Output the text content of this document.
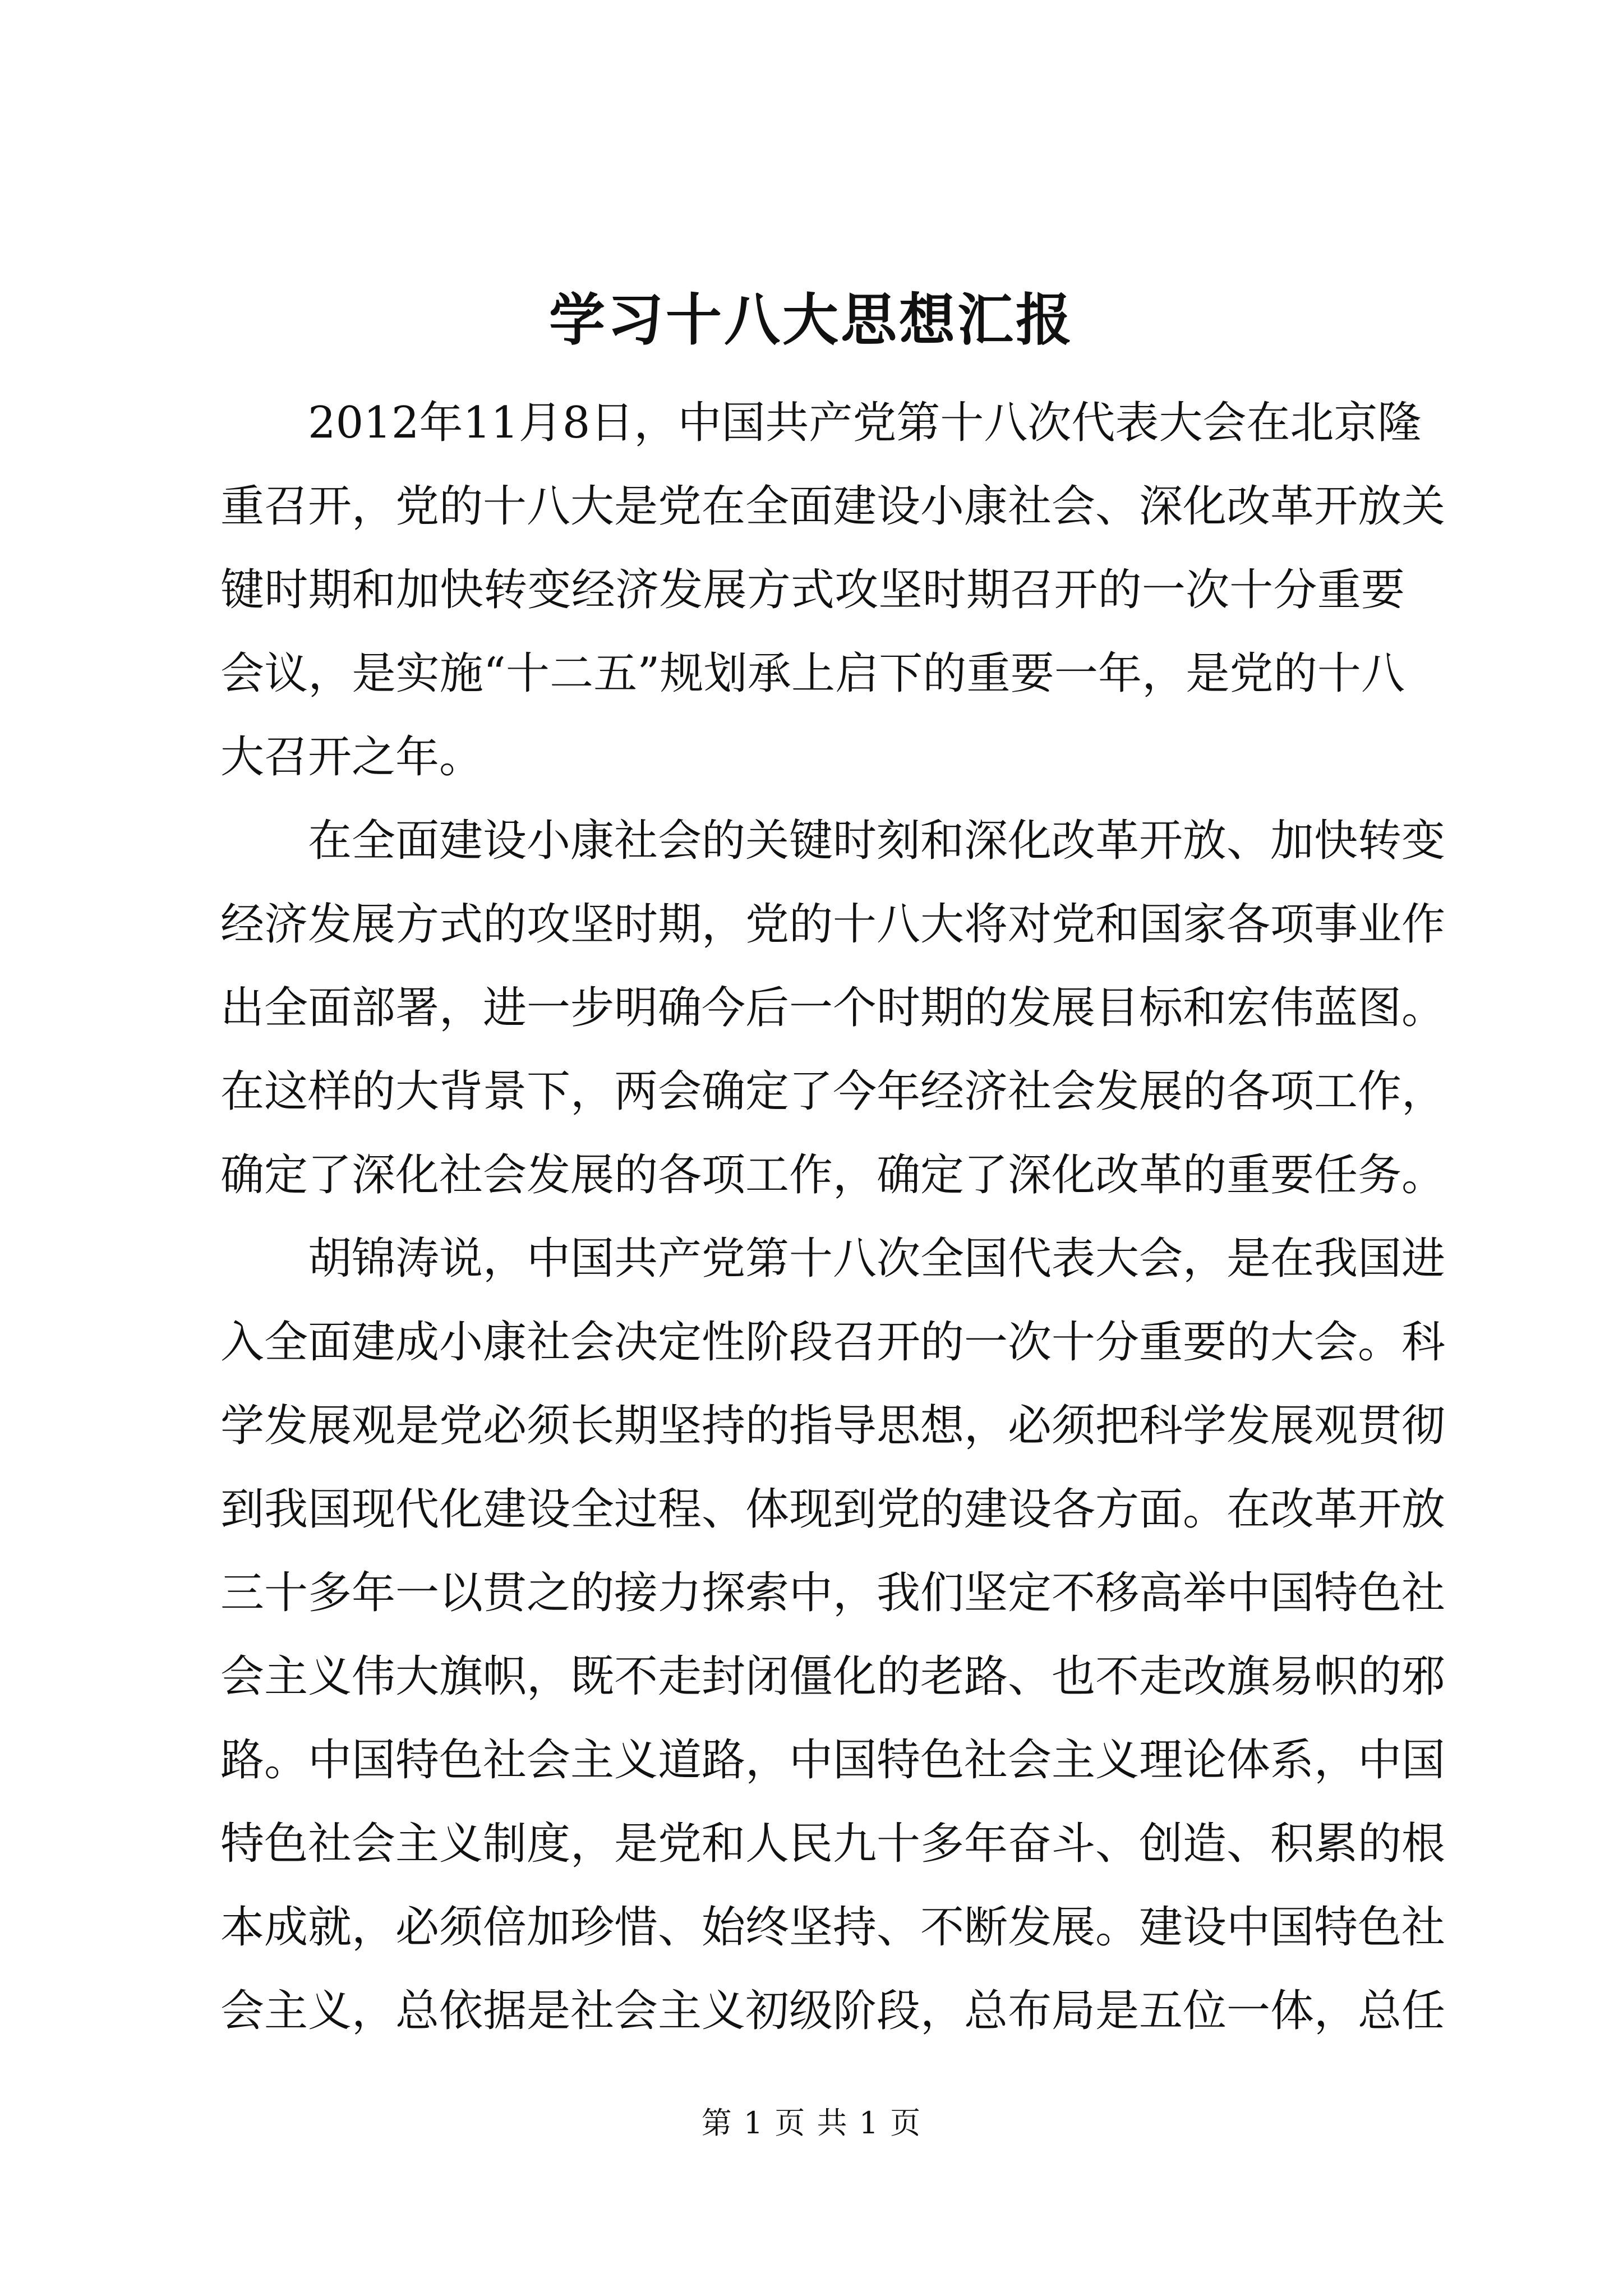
学习十八大思想汇报
　　2012年11月8日，中国共产党第十八次代表大会在北京隆
重召开，党的十八大是党在全面建设小康社会、深化改革开放关
键时期和加快转变经济发展方式攻坚时期召开的一次十分重要
会议，是实施“十二五”规划承上启下的重要一年，是党的十八
大召开之年。
　　在全面建设小康社会的关键时刻和深化改革开放、加快转变
经济发展方式的攻坚时期，党的十八大将对党和国家各项事业作
出全面部署，进一步明确今后一个时期的发展目标和宏伟蓝图。
在这样的大背景下，两会确定了今年经济社会发展的各项工作，
确定了深化社会发展的各项工作，确定了深化改革的重要任务。
　　胡锦涛说，中国共产党第十八次全国代表大会，是在我国进
入全面建成小康社会决定性阶段召开的一次十分重要的大会。科
学发展观是党必须长期坚持的指导思想，必须把科学发展观贯彻
到我国现代化建设全过程、体现到党的建设各方面。在改革开放
三十多年一以贯之的接力探索中，我们坚定不移高举中国特色社
会主义伟大旗帜，既不走封闭僵化的老路、也不走改旗易帜的邪
路。中国特色社会主义道路，中国特色社会主义理论体系，中国
特色社会主义制度，是党和人民九十多年奋斗、创造、积累的根
本成就，必须倍加珍惜、始终坚持、不断发展。建设中国特色社
会主义，总依据是社会主义初级阶段，总布局是五位一体，总任
第 1 页 共 1 页
